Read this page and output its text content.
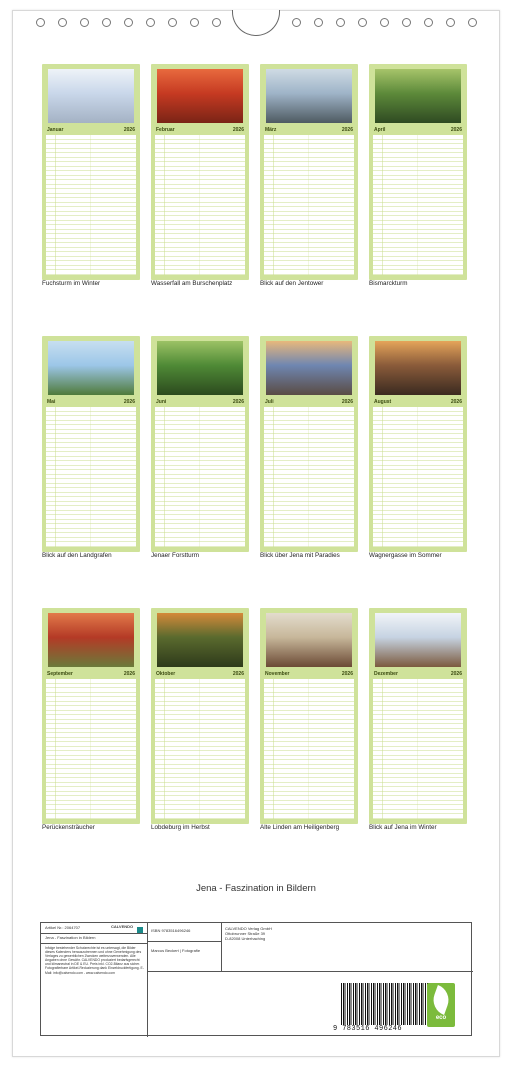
Januar	2026
Fuchsturm im Winter
Februar	2026
Wasserfall am Burschenplatz
März	2026
Blick auf den Jentower
April	2026
Bismarckturm
Mai	2026
Blick auf den Landgrafen
Juni	2026
Jenaer Forstturm
Juli	2026
Blick über Jena mit Paradies
August	2026
Wagnergasse im Sommer
September	2026
Perückensträucher
Oktober	2026
Lobdeburg im Herbst
November	2026
Alte Linden am Heiligenberg
Dezember	2026
Blick auf Jena im Winter
Jena - Faszination in Bildern
Artikel Nr.: 2064707	CALVENDO
Jena - Faszination in Bildern
Infolge bestehender Schutzrechte ist es untersagt, die Bilder dieses Kalenders herauszutrennen und ohne Genehmigung des Verlages zu gewerblichen Zwecken weiterzuverwenden. Alle Angaben ohne Gewähr. CALVENDO produziert bedarfsgerecht und klimaneutral in DE & EU. Preis inkl. CO2-Bilanz aus sicher. Fotografierbare Artikel-Reduzierung dank Einzeldruckfertigung. E-Mail: info@calvendo.com - www.calvendo.com
ISBN 9783516496246	CALVENDO Verlag GmbH
Ottobrunner Straße 39
D-82008 Unterhaching
Marcus Beckert | Fotografie
9 783516 496246
eco
